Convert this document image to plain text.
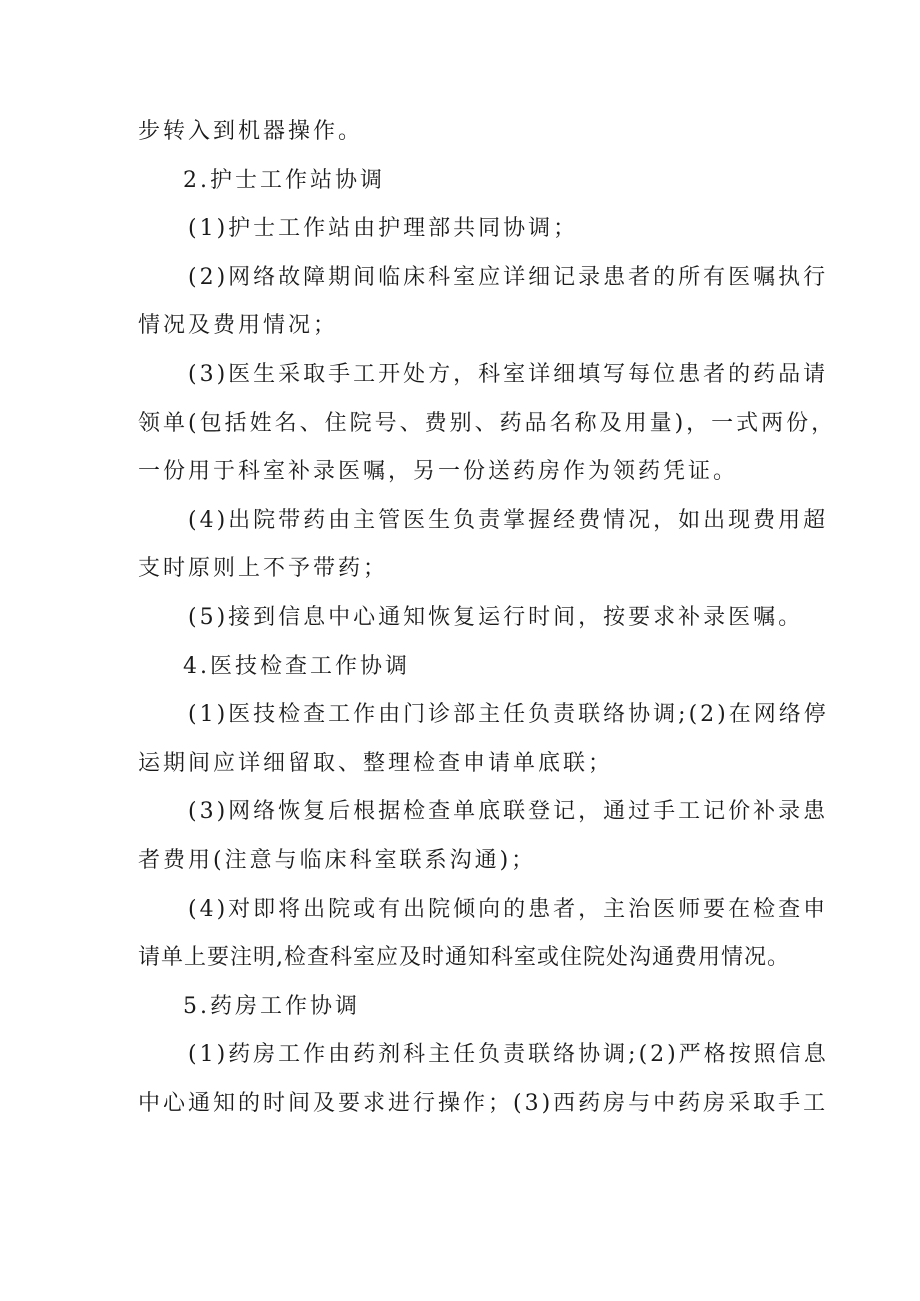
步转入到机器操作。
2.护士工作站协调
(1)护士工作站由护理部共同协调；
(2)网络故障期间临床科室应详细记录患者的所有医嘱执行
情况及费用情况；
(3)医生采取手工开处方，科室详细填写每位患者的药品请
领单(包括姓名、住院号、费别、药品名称及用量)，一式两份，
一份用于科室补录医嘱，另一份送药房作为领药凭证。
(4)出院带药由主管医生负责掌握经费情况，如出现费用超
支时原则上不予带药；
(5)接到信息中心通知恢复运行时间，按要求补录医嘱。
4.医技检查工作协调
(1)医技检查工作由门诊部主任负责联络协调;(2)在网络停
运期间应详细留取、整理检查申请单底联；
(3)网络恢复后根据检查单底联登记，通过手工记价补录患
者费用(注意与临床科室联系沟通)；
(4)对即将出院或有出院倾向的患者，主治医师要在检查申
请单上要注明,检查科室应及时通知科室或住院处沟通费用情况。
5.药房工作协调
(1)药房工作由药剂科主任负责联络协调;(2)严格按照信息
中心通知的时间及要求进行操作；(3)西药房与中药房采取手工
